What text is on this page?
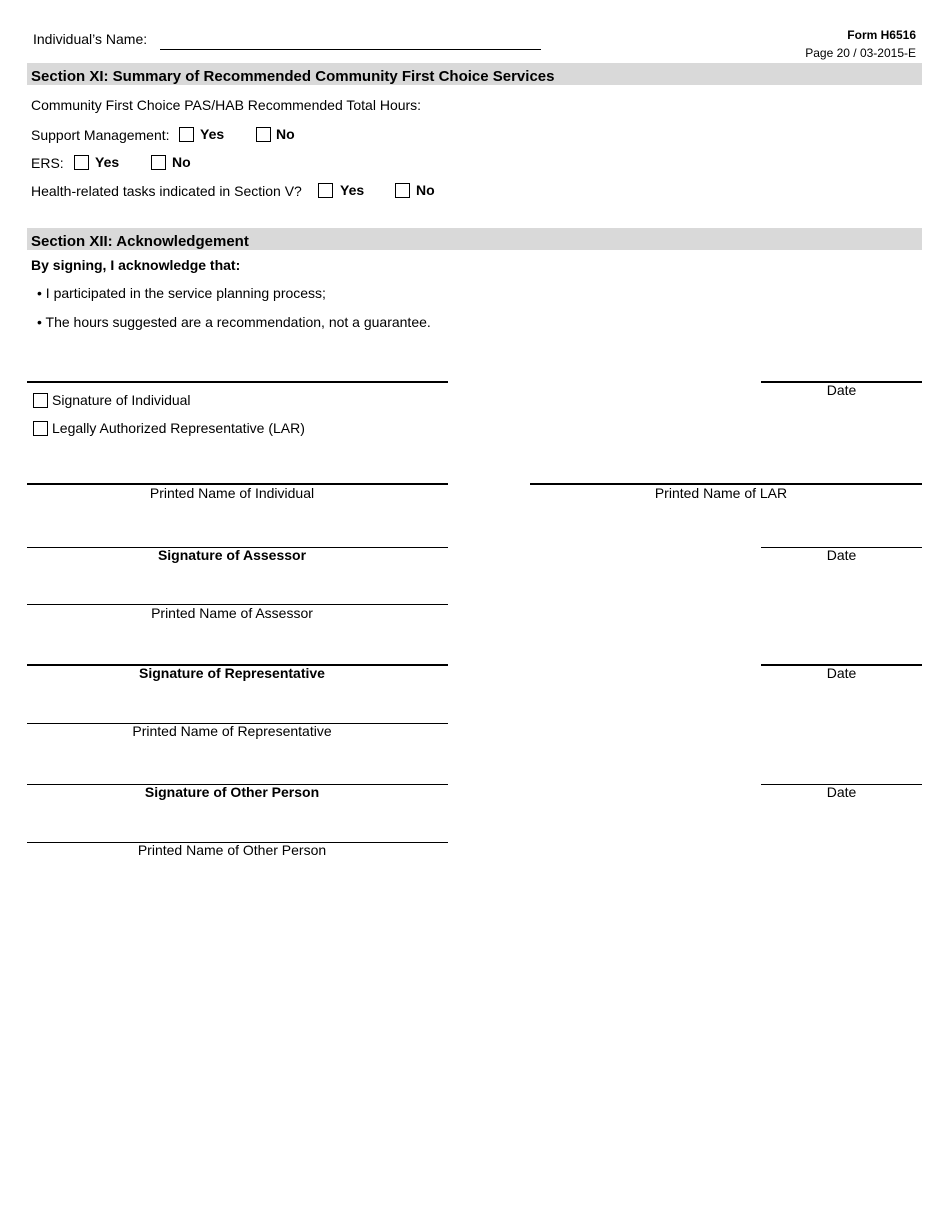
Individual’s Name:	Form H6516
Page 20 / 03-2015-E
Section XI: Summary of Recommended Community First Choice Services
Community First Choice PAS/HAB Recommended Total Hours:
Support Management: Yes	No
ERS: Yes	No
Health-related tasks indicated in Section V?	Yes	No
Section XII: Acknowledgement
By signing, I acknowledge that:
• I participated in the service planning process;
• The hours suggested are a recommendation, not a guarantee.
Date
Signature of Individual
Legally Authorized Representative (LAR)
Printed Name of Individual	Printed Name of LAR
Signature of Assessor	Date
Printed Name of Assessor
Signature of Representative	Date
Printed Name of Representative
Signature of Other Person	Date
Printed Name of Other Person
